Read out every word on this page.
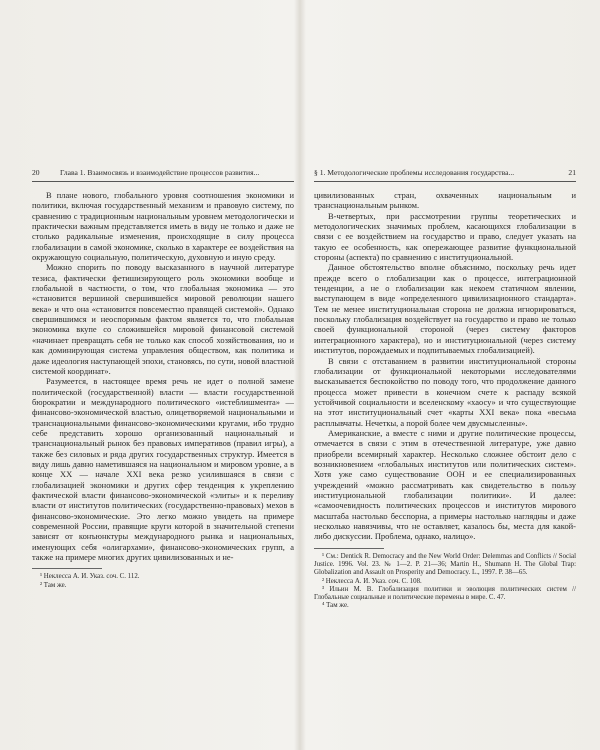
20	Глава 1. Взаимосвязь и взаимодействие процессов развития...

В плане нового, глобального уровня соотношения экономики и политики, включая государственный механизм и правовую систему, по сравнению с традиционным национальным уровнем методологически и практически важным представляется иметь в виду не только и даже не столько радикальные изменения, происходящие в силу процесса глобализации в самой экономике, сколько в характере ее воздействия на окружающую социальную, политическую, духовную и иную среду.

Можно спорить по поводу высказанного в научной литературе тезиса, фактически фетишизирующего роль экономики вообще и глобальной в частности, о том, что глобальная экономика — это «становится вершиной свершившейся мировой революции нашего века» и что она «становится повсеместно правящей системой». Однако свершившимся и неоспоримым фактом является то, что глобальная экономика вкупе со сложившейся мировой финансовой системой «начинает превращать себя не только как способ хозяйствования, но и как доминирующая система управления обществом, как политика и даже идеология наступающей эпохи, становясь, по сути, новой властной системой координат».

Разумеется, в настоящее время речь не идет о полной замене политической (государственной) власти — власти государственной бюрократии и международного политического «истеблишмента» — финансово-экономической властью, олицетворяемой национальными и транснациональными финансово-экономическими кругами, ибо трудно себе представить хорошо организованный национальный и транснациональный рынок без правовых императивов (правил игры), а также без силовых и ряда других государственных структур. Имеется в виду лишь давно наметившаяся на национальном и мировом уровне, а в конце XX — начале XXI века резко усилившаяся в связи с глобализацией экономики и других сфер тенденция к укреплению фактической власти финансово-экономической «элиты» и к переливу власти от институтов политических (государственно-правовых) мехов в финансово-экономические. Это легко можно увидеть на примере современной России, правящие круги которой в значительной степени зависят от конъюнктуры международного рынка и национальных, именующих себя «олигархами», финансово-экономических групп, а также на примере многих других цивилизованных и не-

¹ Неклесса А. И. Указ. соч. С. 112.

² Там же.

§ 1. Методологические проблемы исследования государства...	21

цивилизованных стран, охваченных национальным и транснациональным рынком.

В-четвертых, при рассмотрении группы теоретических и методологических значимых проблем, касающихся глобализации в связи с ее воздействием на государство и право, следует указать на такую ее особенность, как опережающее развитие функциональной стороны (аспекта) по сравнению с институциональной.

Данное обстоятельство вполне объяснимо, поскольку речь идет прежде всего о глобализации как о процессе, интеграционной тенденции, а не о глобализации как некоем статичном явлении, выступающем в виде «определенного цивилизационного стандарта». Тем не менее институциональная сторона не должна игнорироваться, поскольку глобализация воздействует на государство и право не только своей функциональной стороной (через систему факторов интеграционного характера), но и институциональной (через систему институтов, порождаемых и подпитываемых глобализацией).

В связи с отставанием в развитии институциональной стороны глобализации от функциональной некоторыми исследователями высказывается беспокойство по поводу того, что продолжение данного процесса может привести в конечном счете к распаду всякой устойчивой социальности и вселенскому «хаосу» и что существующие на этот институциональный счет «карты XXI века» пока «весьма расплывчаты. Нечеткы, а порой более чем двусмысленны».

Американские, а вместе с ними и другие политические процессы, отмечается в связи с этим в отечественной литературе, уже давно приобрели всемирный характер. Несколько сложнее обстоит дело с возникновением «глобальных институтов или политических систем». Хотя уже само существование ООН и ее специализированных учреждений «можно рассматривать как свидетельство в пользу институциональной глобализации политики». И далее: «самоочевидность политических процессов и институтов мирового масштаба настолько бесспорна, а примеры настолько наглядны и даже несколько навязчивы, что не оставляет, казалось бы, места для какой-либо дискуссии. Проблема, однако, налицо».

¹ См.: Dentick R. Democracy and the New World Order: Delemmas and Conflicts // Social Justice. 1996. Vol. 23. № 1—2. P. 21—36; Martin H., Shumann H. The Global Trap: Globalization and Assault on Prosperity and Democracy. L., 1997. P. 38—65.

² Неклесса А. И. Указ. соч. С. 108.

³ Ильин М. В. Глобализация политики и эволюция политических систем // Глобальные социальные и политические перемены в мире. С. 47.

⁴ Там же.
